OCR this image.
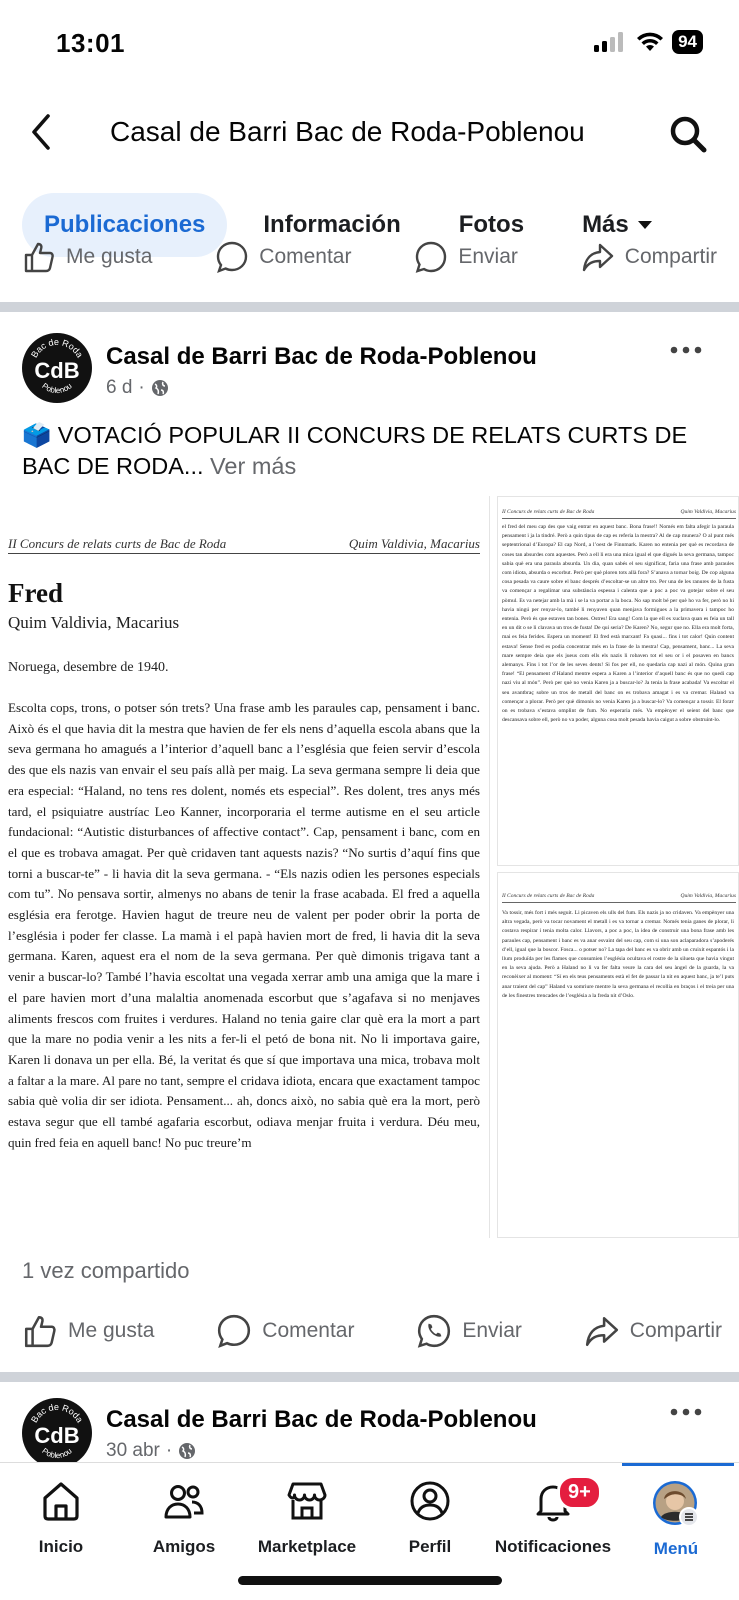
13:01	94
Casal de Barri Bac de Roda-Poblenou
Publicaciones Información Fotos Más
Me gusta	Comentar	Enviar	Compartir
Bac de Roda
CdB
Poblenou
Casal de Barri Bac de Roda-Poblenou
6 d ·
🗳️ VOTACIÓ POPULAR II CONCURS DE RELATS CURTS DE BAC DE RODA... Ver más
II Concurs de relats curts de Bac de Roda	Quim Valdivia, Macarius
Fred
Quim Valdivia, Macarius
Noruega, desembre de 1940.
Escolta cops, trons, o potser són trets? Una frase amb les paraules cap, pensament i banc. Això és el que havia dit la mestra que havien de fer els nens d’aquella escola abans que la seva germana ho amagués a l’interior d’aquell banc a l’església que feien servir d’escola des que els nazis van envair el seu país allà per maig. La seva germana sempre li deia que era especial: “Haland, no tens res dolent, només ets especial”. Res dolent, tres anys més tard, el psiquiatre austríac Leo Kanner, incorporaria el terme autisme en el seu article fundacional: “Autistic disturbances of affective contact”. Cap, pensament i banc, com en el que es trobava amagat. Per què cridaven tant aquests nazis? “No surtis d’aquí fins que torni a buscar-te” - li havia dit la seva germana. - “Els nazis odien les persones especials com tu”. No pensava sortir, almenys no abans de tenir la frase acabada. El fred a aquella església era ferotge. Havien hagut de treure neu de valent per poder obrir la porta de l’església i poder fer classe. La mamà i el papà havien mort de fred, li havia dit la seva germana. Karen, aquest era el nom de la seva germana. Per què dimonis trigava tant a venir a buscar-lo? També l’havia escoltat una vegada xerrar amb una amiga que la mare i el pare havien mort d’una malaltia anomenada escorbut que s’agafava si no menjaves aliments frescos com fruites i verdures. Haland no tenia gaire clar què era la mort a part que la mare no podia venir a les nits a fer-li el petó de bona nit. No li importava gaire, Karen li donava un per ella. Bé, la veritat és que sí que importava una mica, trobava molt a faltar a la mare. Al pare no tant, sempre el cridava idiota, encara que exactament tampoc sabia què volia dir ser idiota. Pensament... ah, doncs això, no sabia què era la mort, però estava segur que ell també agafaria escorbut, odiava menjar fruita i verdura. Déu meu, quin fred feia en aquell banc! No puc treure’m
II Concurs de relats curts de Bac de Roda	Quim Valdivia, Macarius
el fred del meu cap des que vaig entrar en aquest banc. Bona frase!! Només em falta afegir la paraula pensament i ja la tindré. Però a quin tipus de cap es referia la mestra? Al de cap munera? O al punt més septentrional d’Europa? El cap Nord, a l’oest de Finnmark. Karen no entenia per què es recordava de coses tan absurdes com aquestes. Però a ell li era una mica igual el que digués la seva germana, tampoc sabia què era una paraula absurda. Un dia, quan sabés el seu significat, faria una frase amb paraules com idiota, absurda o escorbut. Però per què ploren tots allà fora? S’anava a tornar boig. De cop alguna cosa pesada va caure sobre el banc després d’escoltar-se un altre tro. Per una de les ranures de la fusta va començar a regalimar una substància espessa i calenta que a poc a poc va gotejar sobre el seu pòmul. Es va netejar amb la mà i se la va portar a la boca. No sap molt bé per què ho va fer, però no hi havia ningú per renyar-lo, també li renyaven quan menjava formigues a la primavera i tampoc ho entenia. Però és que estaven tan bones. Ostres! Era sang! Com la que ell es xuclava quan es feia un tall en un dit o se li clavava un tros de fusta! De qui seria? De Karen? No, segur que no. Ella era molt forta, mai es feia ferides. Espera un moment! El fred està marxant! Fa quasi... fins i tot calor! Quin content estava! Sense fred es podia concentrar més en la frase de la mestra! Cap, pensament, banc... La seva mare sempre deia que els jueus com ells els nazis li robaven tot el seu or i el posaven en bancs alemanys. Fins i tot l’or de les seves dents! Si fos per ell, no quedaria cap nazi al món. Quina gran frase! “El pensament d’Haland mentre espera a Karen a l’interior d’aquell banc és que no quedi cap nazi viu al món”. Però per què no venia Karen ja a buscar-lo? Ja tenia la frase acabada! Va escoltar el seu avantbraç sobre un tros de metall del banc on es trobava amagat i es va cremar. Haland va començar a plorar. Però per què dimonis no venia Karen ja a buscar-lo? Va començar a tossir. El foraт on es trobava s’estava omplint de fum. No esperaria més. Va empènyer el seient del banc que descansava sobre ell, però no va poder, alguna cosa molt pesada havia caigut a sobre obstruint-lo.
II Concurs de relats curts de Bac de Roda	Quim Valdivia, Macarius
Va tossir, més fort i més seguit. Li picaven els ulls del fum. Els nazis ja no cridaven. Va empènyer una altra vegada, però va tocar novament el metall i es va tornar a cremar. Només tenia ganes de plorar, li costava respirar i tenia molta calor. Llavors, a poc a poc, la idea de construir una bona frase amb les paraules cap, pensament i banc es va anar esvaint del seu cap, com si una son aclaparadora s’apoderés d’ell, igual que la boscor. Fosca... o potser no? La tapa del banc es va obrir amb un cruixit espantós i la llum produïda per les flames que consumien l’església ocultava el rostre de la silueta que havia vingut en la seva ajuda. Però a Haland no li va fer falta veure la cara del seu àngel de la guarda, la va reconèixer al moment: “Sí en els teus pensaments està el fet de passar la nit en aquest banc, ja te’l puts anar traient del cap” Haland va somriure mentre la seva germana el recollia en braços i el treia per una de les finestres trencades de l’església a la freda nit d’Oslo.
1 vez compartido
Me gusta	Comentar	Enviar	Compartir
Bac de Roda
CdB
Poblenou
Casal de Barri Bac de Roda-Poblenou
30 abr ·
Inicio	Amigos	Marketplace	Perfil
9+
Notificaciones	Menú
